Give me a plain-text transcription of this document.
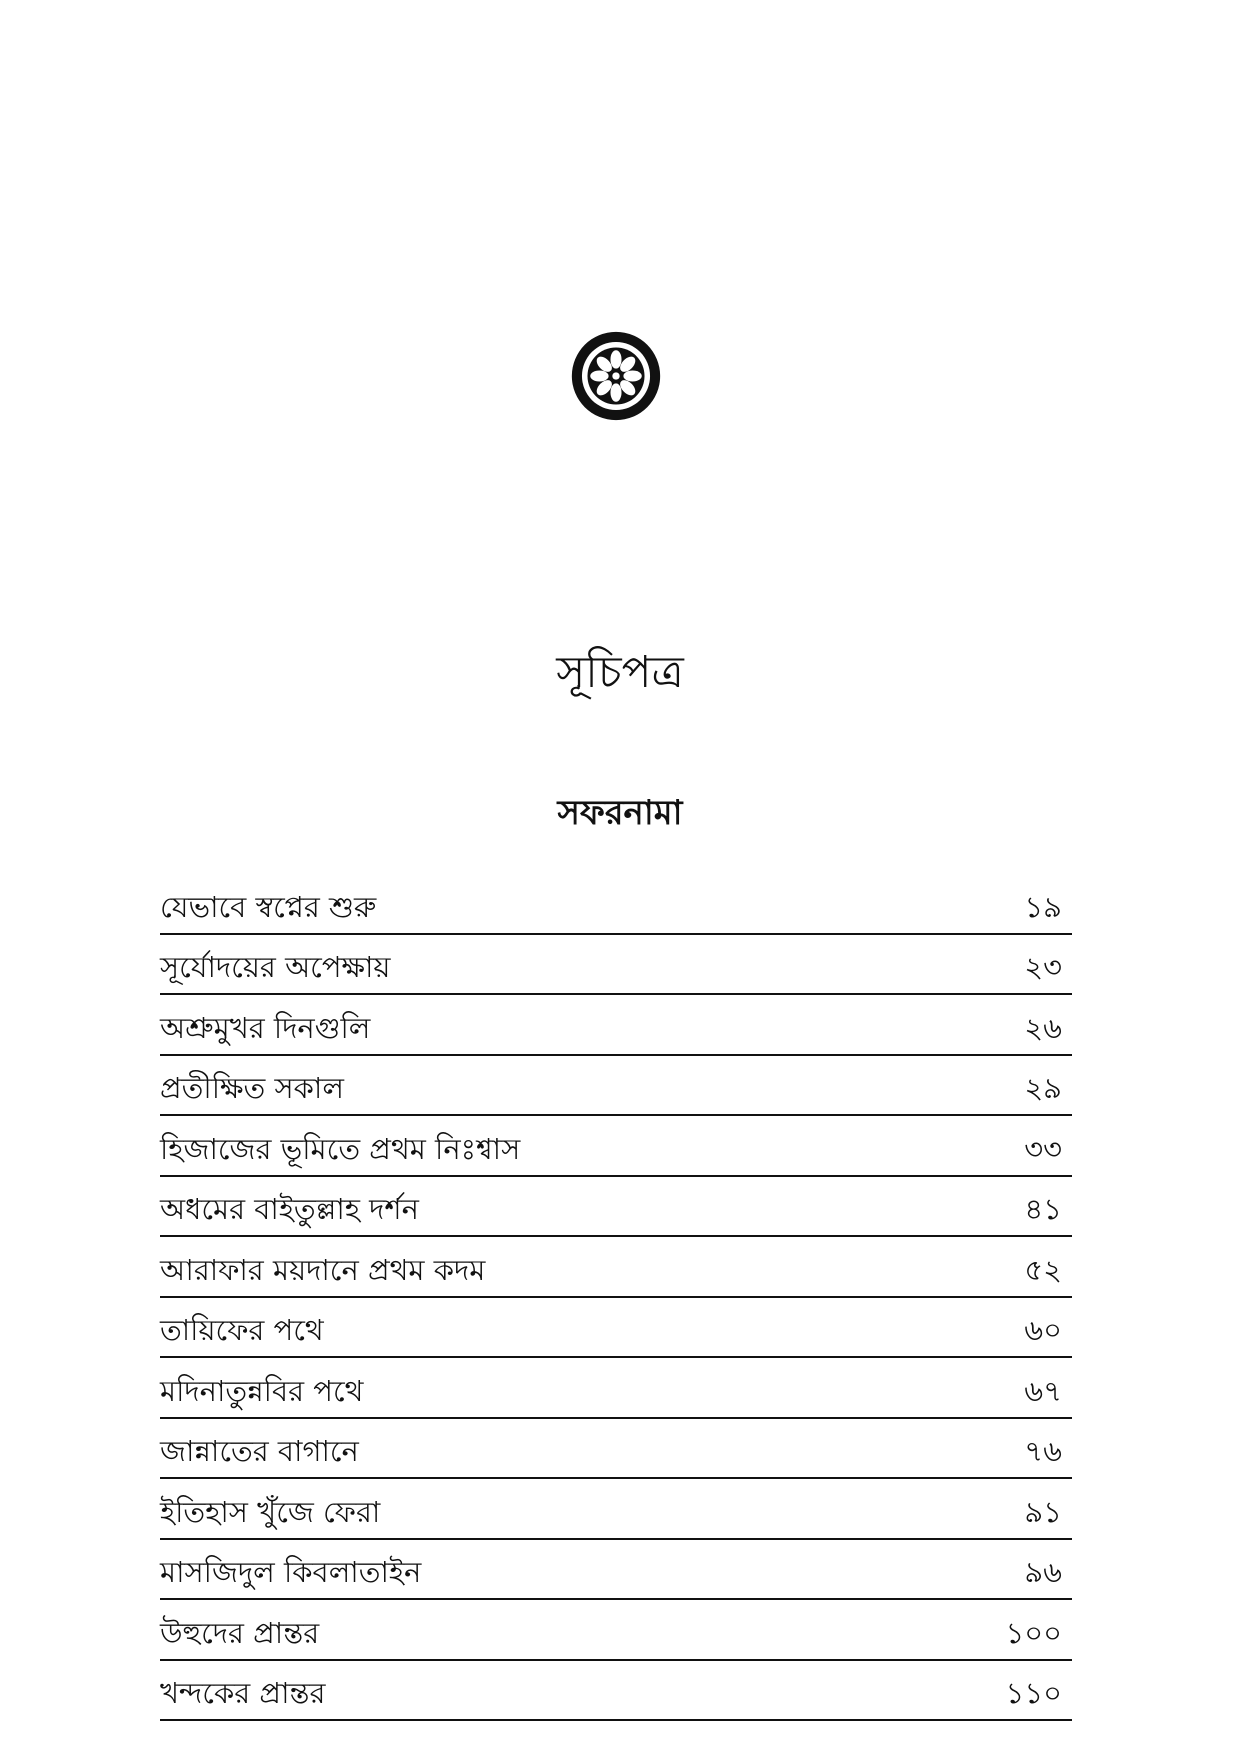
সূচিপত্র
সফরনামা
যেভাবে স্বপ্নের শুরু	১৯
সূর্যোদয়ের অপেক্ষায়	২৩
অশ্রুমুখর দিনগুলি	২৬
প্রতীক্ষিত সকাল	২৯
হিজাজের ভূমিতে প্রথম নিঃশ্বাস	৩৩
অধমের বাইতুল্লাহ দর্শন	৪১
আরাফার ময়দানে প্রথম কদম	৫২
তায়িফের পথে	৬০
মদিনাতুন্নবির পথে	৬৭
জান্নাতের বাগানে	৭৬
ইতিহাস খুঁজে ফেরা	৯১
মাসজিদুল কিবলাতাইন	৯৬
উহুদের প্রান্তর	১০০
খন্দকের প্রান্তর	১১০
